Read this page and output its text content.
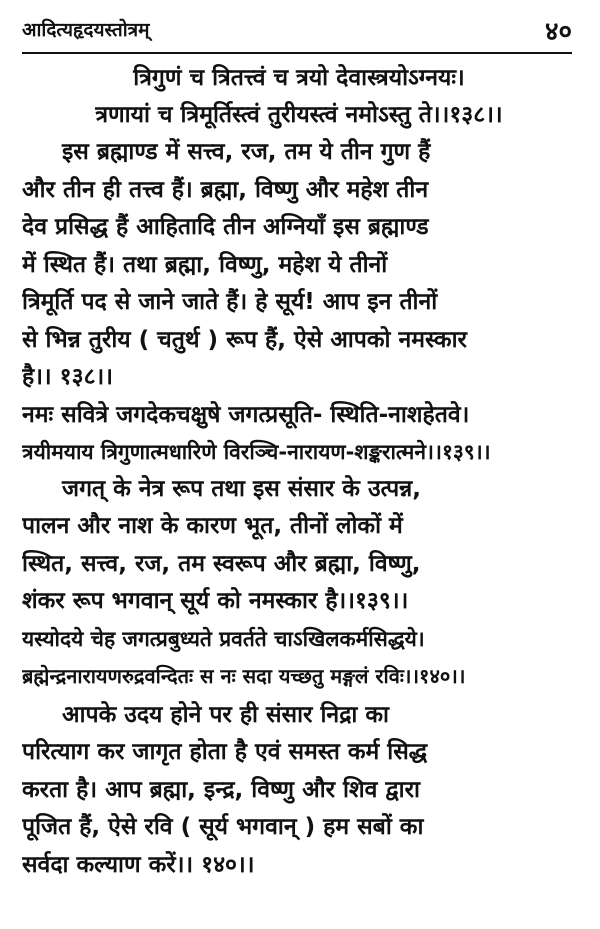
आदित्यहृदयस्तोत्रम्	४०
त्रिगुणं च त्रितत्त्वं च त्रयो देवास्त्रयोऽग्नयः।
त्रणायां च त्रिमूर्तिस्त्वं तुरीयस्त्वं नमोऽस्तु ते।।१३८।।
इस ब्रह्माण्ड में सत्त्व, रज, तम ये तीन गुण हैं
और तीन ही तत्त्व हैं। ब्रह्मा, विष्णु और महेश तीन
देव प्रसिद्ध हैं आहितादि तीन अग्नियाँ इस ब्रह्माण्ड
में स्थित हैं। तथा ब्रह्मा, विष्णु, महेश ये तीनों
त्रिमूर्ति पद से जाने जाते हैं। हे सूर्य! आप इन तीनों
से भिन्न तुरीय ( चतुर्थ ) रूप हैं, ऐसे आपको नमस्कार
है।। १३८।।
नमः सवित्रे जगदेकचक्षुषे जगत्प्रसूति- स्थिति-नाशहेतवे।
त्रयीमयाय त्रिगुणात्मधारिणे विरञ्चि-नारायण-शङ्करात्मने।।१३९।।
जगत् के नेत्र रूप तथा इस संसार के उत्पन्न,
पालन और नाश के कारण भूत, तीनों लोकों में
स्थित, सत्त्व, रज, तम स्वरूप और ब्रह्मा, विष्णु,
शंकर रूप भगवान् सूर्य को नमस्कार है।।१३९।।
यस्योदये चेह जगत्प्रबुध्यते प्रवर्तते चाऽखिलकर्मसिद्धये।
ब्रह्मेन्द्रनारायणरुद्रवन्दितः स नः सदा यच्छतु मङ्गलं रविः।।१४०।।
आपके उदय होने पर ही संसार निद्रा का
परित्याग कर जागृत होता है एवं समस्त कर्म सिद्ध
करता है। आप ब्रह्मा, इन्द्र, विष्णु और शिव द्वारा
पूजित हैं, ऐसे रवि ( सूर्य भगवान् ) हम सबों का
सर्वदा कल्याण करें।। १४०।।
